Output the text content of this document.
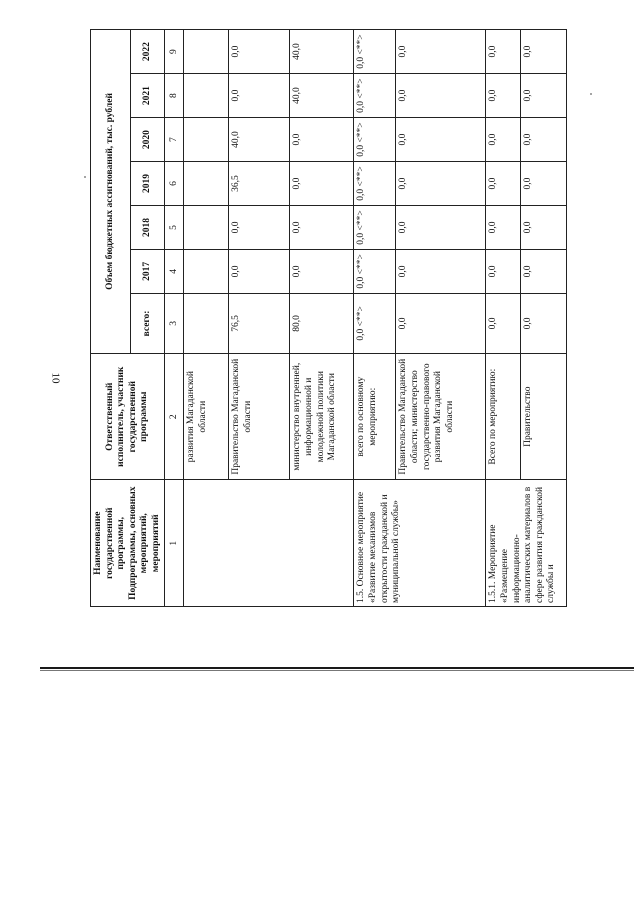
10
Наименование государственной программы, Подпрограммы, основных мероприятий, мероприятий	Ответственный исполнитель, участник государственной программы	Объем бюджетных ассигнований, тыс. рублей						
		всего:	2017	2018	2019	2020	2021	2022
1	2	3	4	5	6	7	8	9
	развития Магаданской области							
	Правительство Магаданской области	76,5	0,0	0,0	36,5	40,0	0,0	0,0
	министерство внутренней, информационной и молодежной политики Магаданской области	80,0	0,0	0,0	0,0	0,0	40,0	40,0
1.5. Основное мероприятие «Развитие механизмов открытости гражданской и муниципальной службы»	всего по основному мероприятию:	0,0 <**>	0,0 <**>	0,0 <**>	0,0 <**>	0,0 <**>	0,0 <**>	0,0 <**>
	Правительство Магаданской области; министерство государственно-правового развития Магаданской области	0,0	0,0	0,0	0,0	0,0	0,0	0,0
1.5.1. Мероприятие «Размещение информационно-аналитических материалов в сфере развития гражданской службы и	Всего по мероприятию:	0,0	0,0	0,0	0,0	0,0	0,0	0,0
	Правительство	0,0	0,0	0,0	0,0	0,0	0,0	0,0
